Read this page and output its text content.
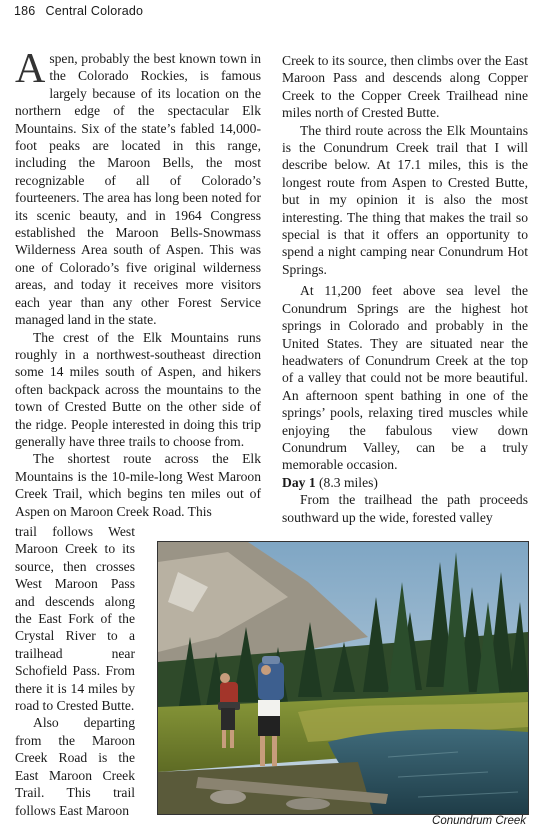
186 Central Colorado

Aspen, probably the best known town in the Colorado Rockies, is famous largely because of its location on the northern edge of the spectacular Elk Mountains. Six of the state’s fabled 14,000-foot peaks are located in this range, including the Maroon Bells, the most recognizable of all of Colorado’s fourteeners. The area has long been noted for its scenic beauty, and in 1964 Congress established the Maroon Bells-Snowmass Wilderness Area south of Aspen. This was one of Colorado’s five original wilderness areas, and today it receives more visitors each year than any other Forest Service managed land in the state.

The crest of the Elk Mountains runs roughly in a northwest-southeast direction some 14 miles south of Aspen, and hikers often backpack across the mountains to the town of Crested Butte on the other side of the ridge. People interested in doing this trip generally have three trails to choose from.

The shortest route across the Elk Mountains is the 10-mile-long West Maroon Creek Trail, which begins ten miles out of Aspen on Maroon Creek Road. This

trail follows West Maroon Creek to its source, then crosses West Maroon Pass and descends along the East Fork of the Crystal River to a trailhead near Schofield Pass. From there it is 14 miles by road to Crested Butte.

Also departing from the Maroon Creek Road is the East Maroon Creek Trail. This trail follows East Maroon

Creek to its source, then climbs over the East Maroon Pass and descends along Copper Creek to the Copper Creek Trailhead nine miles north of Crested Butte.

The third route across the Elk Mountains is the Conundrum Creek trail that I will describe below. At 17.1 miles, this is the longest route from Aspen to Crested Butte, but in my opinion it is also the most interesting. The thing that makes the trail so special is that it offers an opportunity to spend a night camping near Conundrum Hot Springs.

At 11,200 feet above sea level the Conundrum Springs are the highest hot springs in Colorado and probably in the United States. They are situated near the headwaters of Conundrum Creek at the top of a valley that could not be more beautiful. An afternoon spent bathing in one of the springs’ pools, relaxing tired muscles while enjoying the fabulous view down Conundrum Valley, can be a truly memorable occasion.

Day 1 (8.3 miles)

From the trailhead the path proceeds southward up the wide, forested valley

Conundrum Creek
